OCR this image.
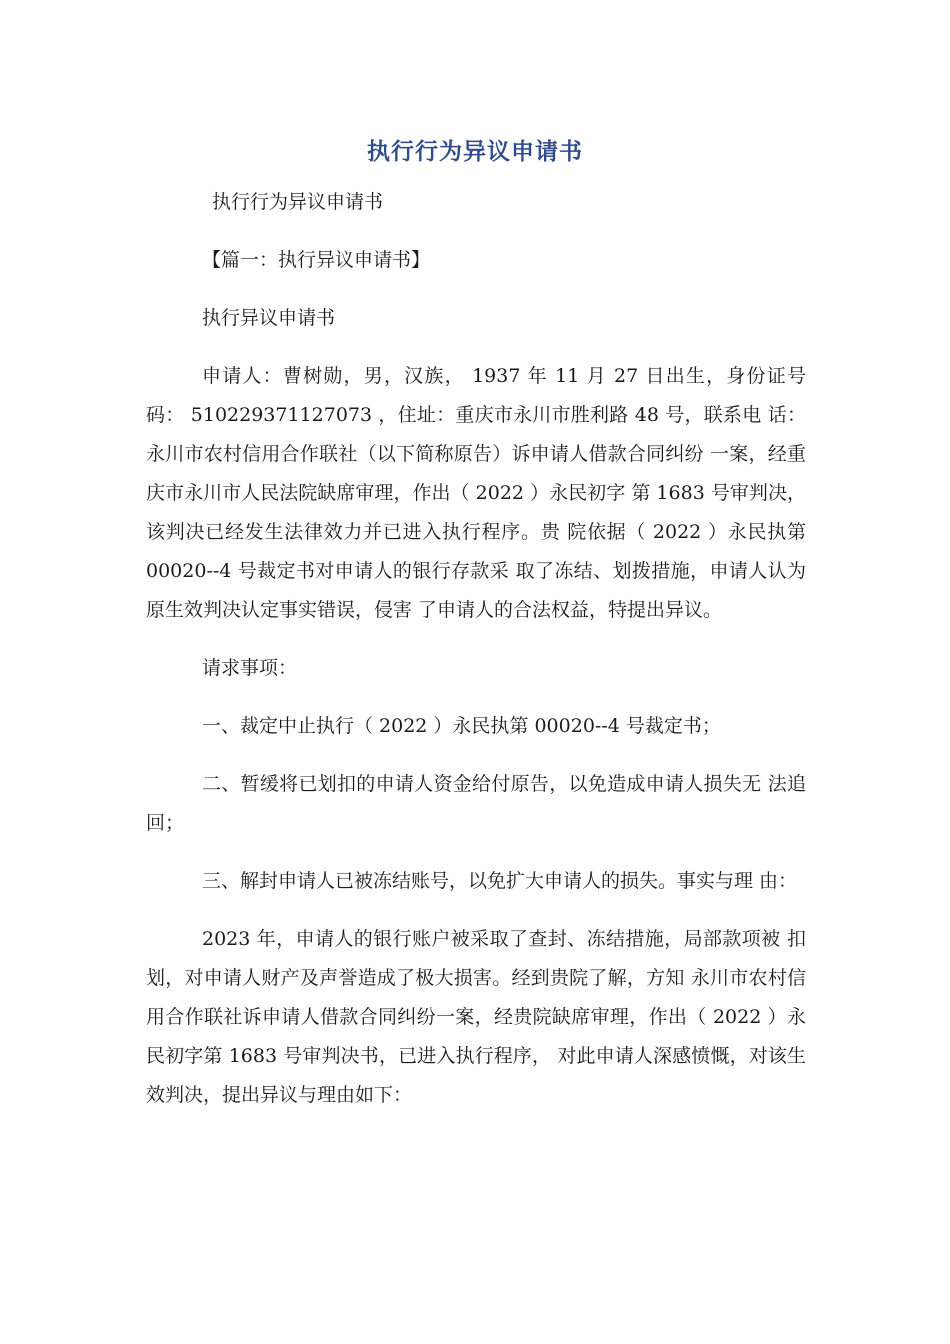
执行行为异议申请书

执行行为异议申请书

【篇一：执行异议申请书】

执行异议申请书

申请人：曹树勋，男，汉族， 1937 年 11 月 27 日出生，身份证号 码： 510229371127073 ，住址：重庆市永川市胜利路 48 号，联系电 话：永川市农村信用合作联社（以下简称原告）诉申请人借款合同纠纷 一案，经重庆市永川市人民法院缺席审理，作出（ 2022 ）永民初字 第 1683 号审判决，该判决已经发生法律效力并已进入执行程序。贵 院依据（ 2022 ）永民执第 00020--4 号裁定书对申请人的银行存款采 取了冻结、划拨措施，申请人认为原生效判决认定事实错误，侵害 了申请人的合法权益，特提出异议。

请求事项：

一、裁定中止执行（ 2022 ）永民执第 00020--4 号裁定书；

二、暂缓将已划扣的申请人资金给付原告，以免造成申请人损失无 法追回；

三、解封申请人已被冻结账号，以免扩大申请人的损失。事实与理 由：

2023 年，申请人的银行账户被采取了查封、冻结措施，局部款项被 扣划，对申请人财产及声誉造成了极大损害。经到贵院了解，方知 永川市农村信用合作联社诉申请人借款合同纠纷一案，经贵院缺席审理，作出（ 2022 ）永民初字第 1683 号审判决书，已进入执行程序， 对此申请人深感愤慨，对该生效判决，提出异议与理由如下：
